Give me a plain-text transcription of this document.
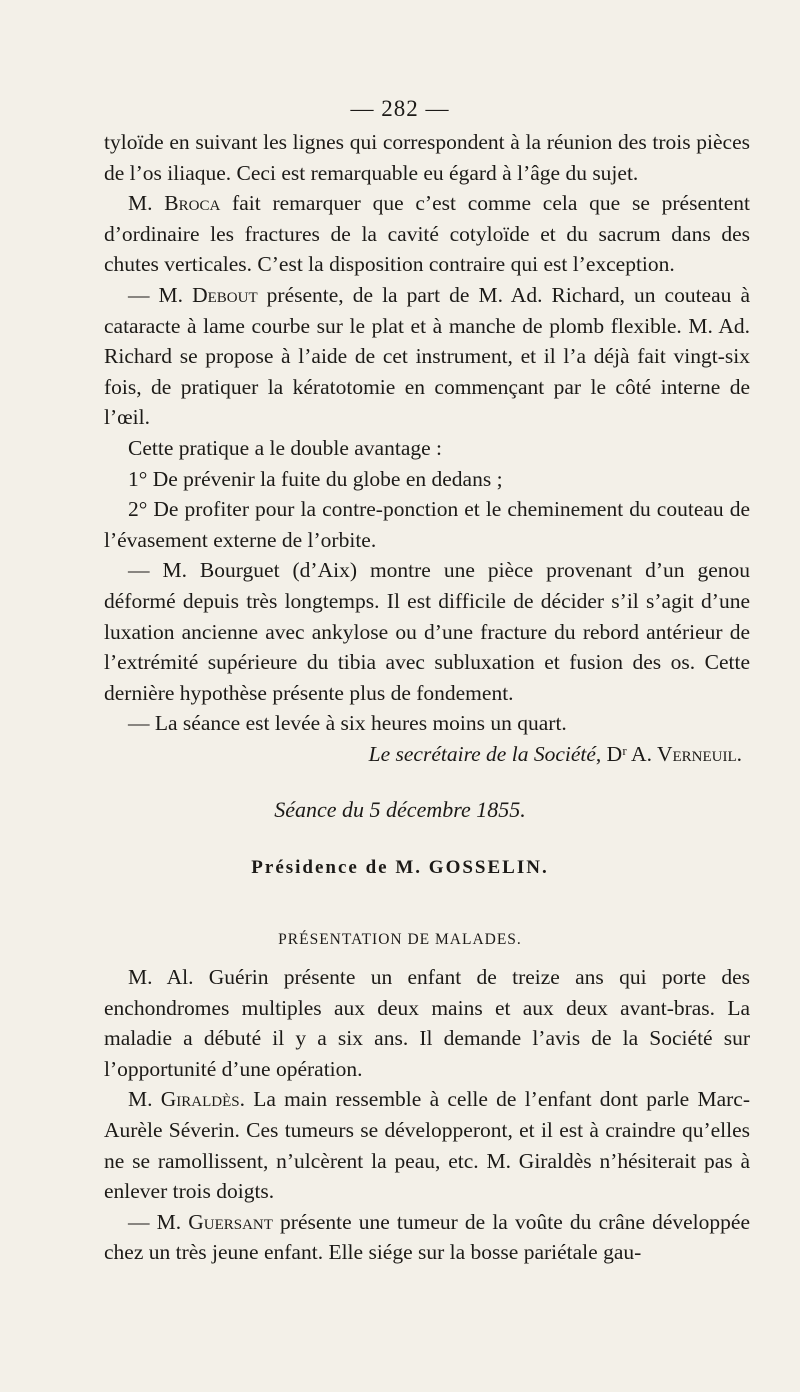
— 282 —

tyloïde en suivant les lignes qui correspondent à la réunion des trois pièces de l’os iliaque. Ceci est remarquable eu égard à l’âge du sujet.

M. Broca fait remarquer que c’est comme cela que se présentent d’ordinaire les fractures de la cavité cotyloïde et du sacrum dans des chutes verticales. C’est la disposition contraire qui est l’exception.

— M. Debout présente, de la part de M. Ad. Richard, un couteau à cataracte à lame courbe sur le plat et à manche de plomb flexible. M. Ad. Richard se propose à l’aide de cet instrument, et il l’a déjà fait vingt-six fois, de pratiquer la kératotomie en commençant par le côté interne de l’œil.

Cette pratique a le double avantage :

1° De prévenir la fuite du globe en dedans ;

2° De profiter pour la contre-ponction et le cheminement du couteau de l’évasement externe de l’orbite.

— M. Bourguet (d’Aix) montre une pièce provenant d’un genou déformé depuis très longtemps. Il est difficile de décider s’il s’agit d’une luxation ancienne avec ankylose ou d’une fracture du rebord antérieur de l’extrémité supérieure du tibia avec subluxation et fusion des os. Cette dernière hypothèse présente plus de fondement.

— La séance est levée à six heures moins un quart.

Le secrétaire de la Société, Dʳ A. Verneuil.

Séance du 5 décembre 1855.
Présidence de M. GOSSELIN.
PRÉSENTATION DE MALADES.

M. Al. Guérin présente un enfant de treize ans qui porte des enchondromes multiples aux deux mains et aux deux avant-bras. La maladie a débuté il y a six ans. Il demande l’avis de la Société sur l’opportunité d’une opération.

M. Giraldès. La main ressemble à celle de l’enfant dont parle Marc-Aurèle Séverin. Ces tumeurs se développeront, et il est à craindre qu’elles ne se ramollissent, n’ulcèrent la peau, etc. M. Giraldès n’hésiterait pas à enlever trois doigts.

— M. Guersant présente une tumeur de la voûte du crâne développée chez un très jeune enfant. Elle siége sur la bosse pariétale gau-
